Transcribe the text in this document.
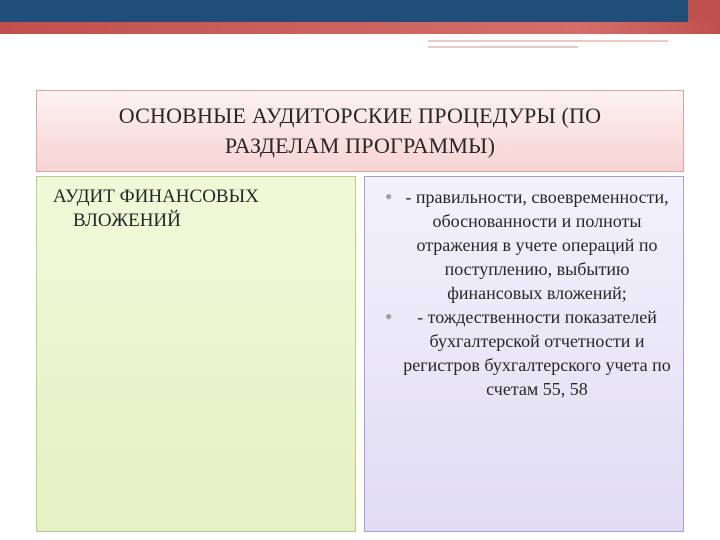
ОСНОВНЫЕ АУДИТОРСКИЕ ПРОЦЕДУРЫ (ПО РАЗДЕЛАМ ПРОГРАММЫ)

АУДИТ ФИНАНСОВЫХ
ВЛОЖЕНИЙ

● - правильности, своевременности, обоснованности и полноты отражения в учете операций по поступлению, выбытию финансовых вложений;
●	- тождественности показателей бухгалтерской отчетности и регистров бухгалтерского учета по счетам 55, 58
